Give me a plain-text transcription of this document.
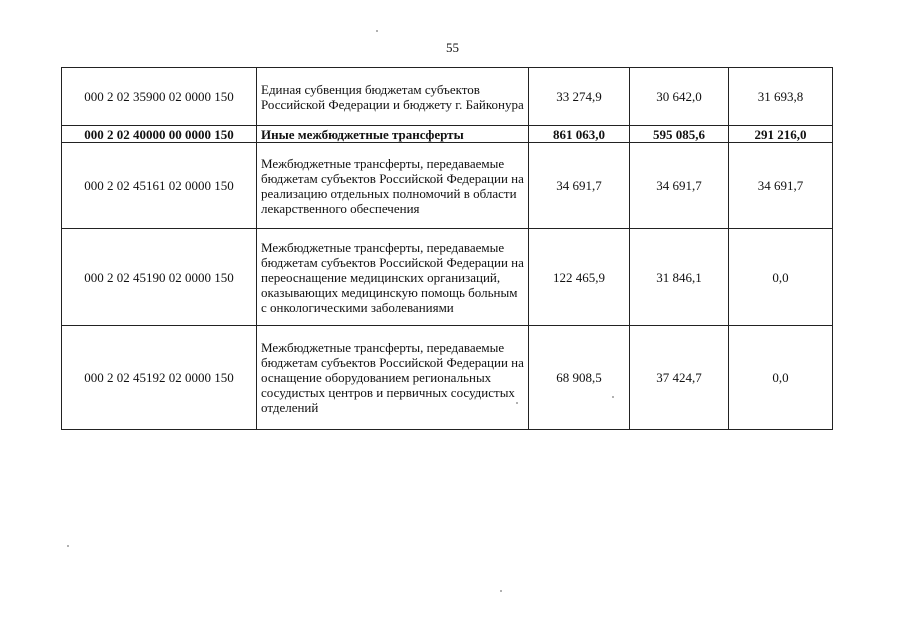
55
000 2 02 35900 02 0000 150	Единая субвенция бюджетам субъектов Российской Федерации и бюджету г. Байконура	33 274,9	30 642,0	31 693,8
000 2 02 40000 00 0000 150	Иные межбюджетные трансферты	861 063,0	595 085,6	291 216,0
000 2 02 45161 02 0000 150	Межбюджетные трансферты, передаваемые бюджетам субъектов Российской Федерации на реализацию отдельных полномочий в области лекарственного обеспечения	34 691,7	34 691,7	34 691,7
000 2 02 45190 02 0000 150	Межбюджетные трансферты, передаваемые бюджетам субъектов Российской Федерации на переоснащение медицинских организаций, оказывающих медицинскую помощь больным с онкологическими заболеваниями	122 465,9	31 846,1	0,0
000 2 02 45192 02 0000 150	Межбюджетные трансферты, передаваемые бюджетам субъектов Российской Федерации на оснащение оборудованием региональных сосудистых центров и первичных сосудистых отделений	68 908,5	37 424,7	0,0
